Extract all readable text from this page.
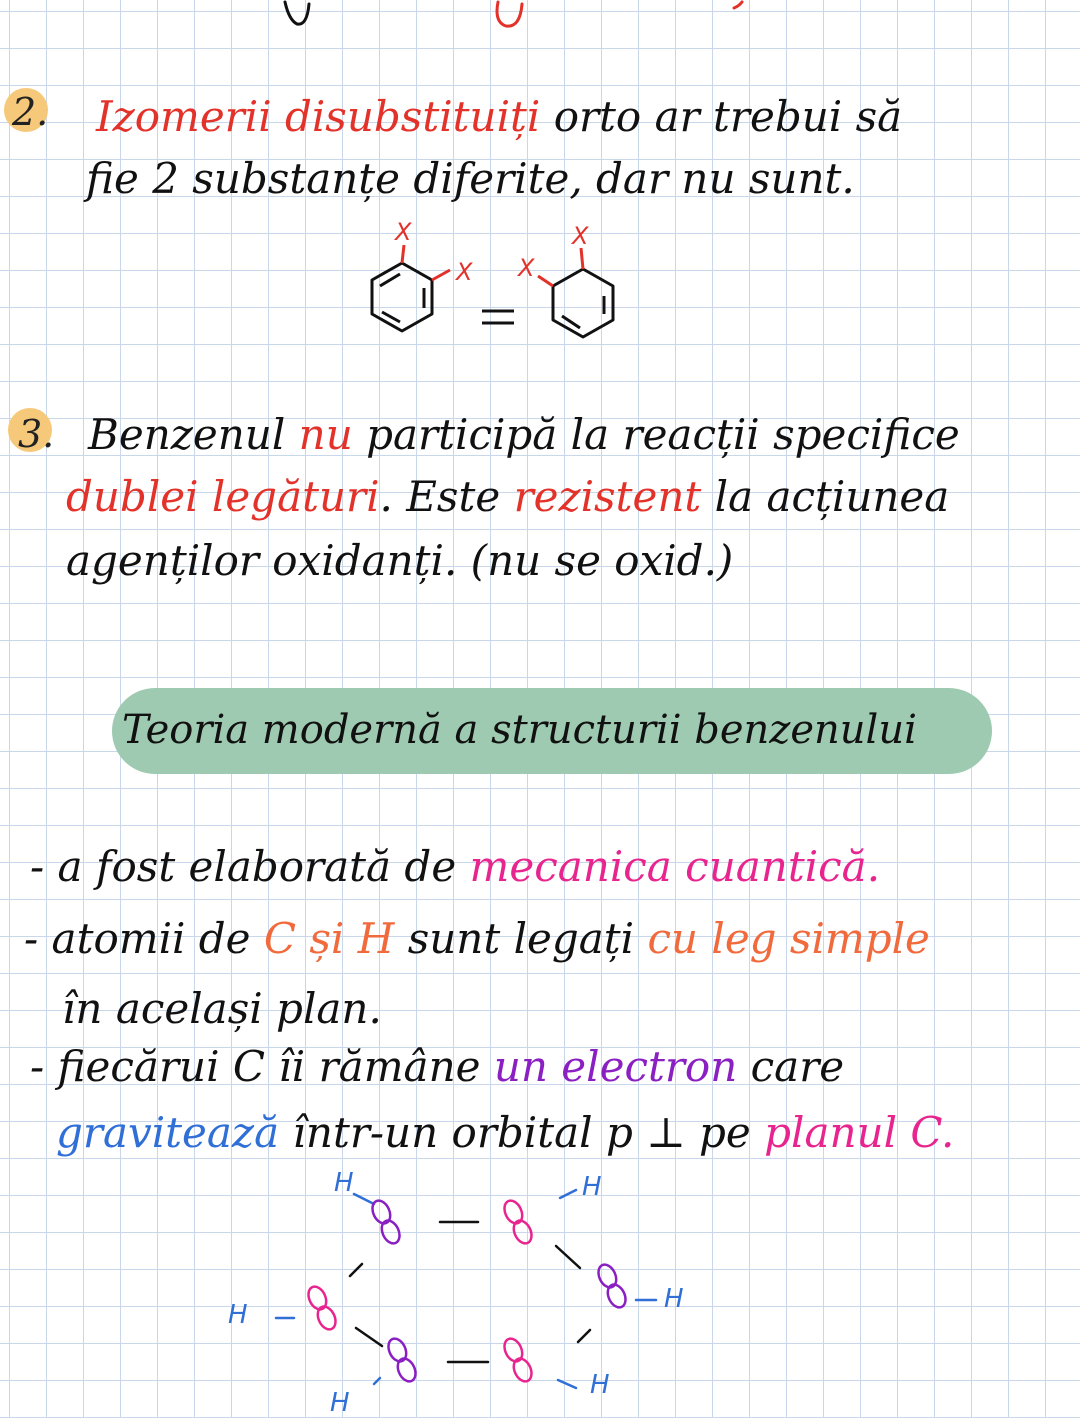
2. Izomerii disubstituiți orto ar trebui să
fie 2 substanțe diferite, dar nu sunt.
X
X
X
X
3. Benzenul nu participă la reacții specifice
dublei legături. Este rezistent la acțiunea
agenților oxidanți. (nu se oxid.)
Teoria modernă a structurii benzenului
- a fost elaborată de mecanica cuantică.
- atomii de C și H sunt legați cu leg simple
în același plan.
- fiecărui C îi rămâne un electron care
gravitează într-un orbital p ⊥ pe planul C.
H	H
H
H
H
H
